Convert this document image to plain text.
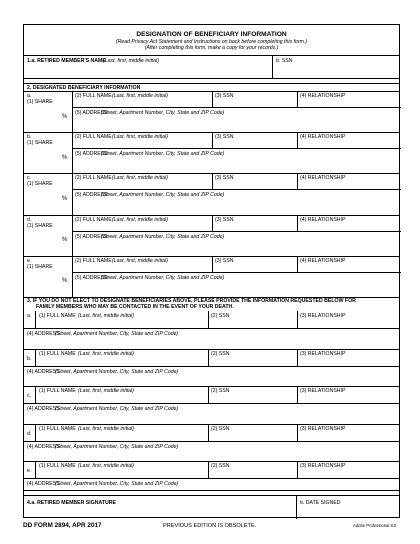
DESIGNATION OF BENEFICIARY INFORMATION
(Read Privacy Act Statement and Instructions on back before completing this form.)
(After completing this form, make a copy for your records.)
1.a. RETIRED MEMBER'S NAME
(Last, first, middle initial)	b. SSN
2. DESIGNATED BENEFICIARY INFORMATION
a.
(1) SHARE
%
(2) FULL NAME (Last, first, middle initial)	(3) SSN	(4) RELATIONSHIP
(5) ADDRESS
(Street, Apartment Number, City, State and ZIP Code)
b.
(1) SHARE
%
(2) FULL NAME (Last, first, middle initial)	(3) SSN	(4) RELATIONSHIP
(5) ADDRESS
(Street, Apartment Number, City, State and ZIP Code)
c.
(1) SHARE
%
(2) FULL NAME (Last, first, middle initial)	(3) SSN	(4) RELATIONSHIP
(5) ADDRESS
(Street, Apartment Number, City, State and ZIP Code)
d.
(1) SHARE
%
(2) FULL NAME (Last, first, middle initial)	(3) SSN	(4) RELATIONSHIP
(5) ADDRESS
(Street, Apartment Number, City, State and ZIP Code)
e.
(1) SHARE
%
(2) FULL NAME (Last, first, middle initial)	(3) SSN	(4) RELATIONSHIP
(5) ADDRESS
(Street, Apartment Number, City, State and ZIP Code)
3. IF YOU DO NOT ELECT TO DESIGNATE BENEFICIARIES ABOVE, PLEASE PROVIDE THE INFORMATION REQUESTED BELOW FOR
FAMILY MEMBERS WHO MAY BE CONTACTED IN THE EVENT OF YOUR DEATH.
a. (1) FULL NAME (Last, first, middle initial)	(2) SSN	(3) RELATIONSHIP
(4) ADDRESS
(Street, Apartment Number, City, State and ZIP Code)
b.
(1) FULL NAME (Last, first, middle initial)	(2) SSN	(3) RELATIONSHIP
(4) ADDRESS
(Street, Apartment Number, City, State and ZIP Code)
c.
(1) FULL NAME (Last, first, middle initial)	(2) SSN	(3) RELATIONSHIP
(4) ADDRESS
(Street, Apartment Number, City, State and ZIP Code)
d.
(1) FULL NAME (Last, first, middle initial)	(2) SSN	(3) RELATIONSHIP
(4) ADDRESS
(Street, Apartment Number, City, State and ZIP Code)
e.
(1) FULL NAME (Last, first, middle initial)	(2) SSN	(3) RELATIONSHIP
(4) ADDRESS
(Street, Apartment Number, City, State and ZIP Code)
4.a. RETIRED MEMBER SIGNATURE	b. DATE SIGNED
DD FORM 2894, APR 2017	PREVIOUS EDITION IS OBSOLETE.	Adobe Professional 8.0
